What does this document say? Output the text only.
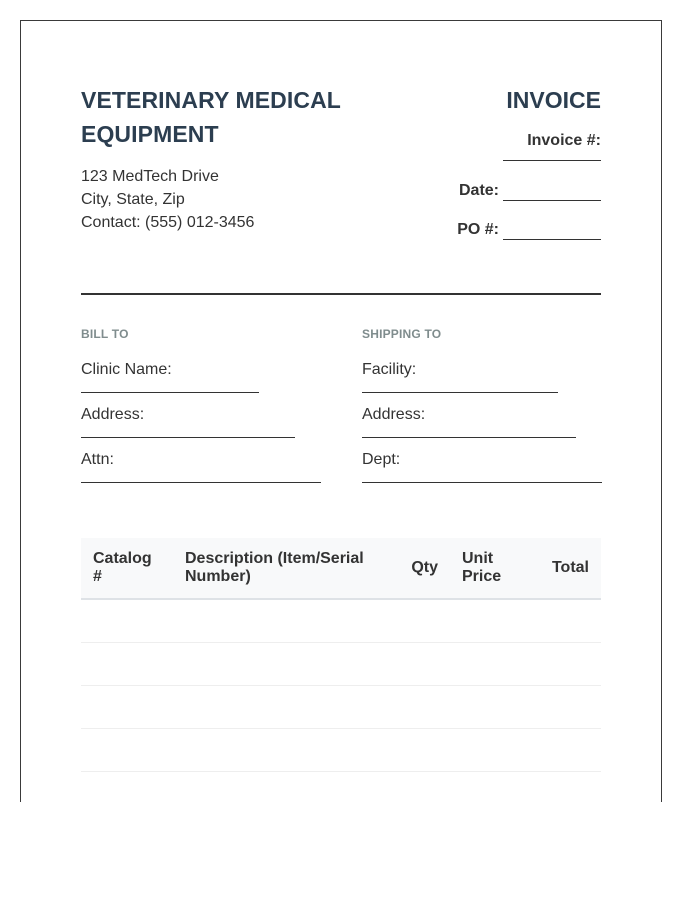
VETERINARY MEDICAL
EQUIPMENT
123 MedTech Drive
City, State, Zip
Contact: (555) 012-3456
INVOICE
Invoice #:
Date:
PO #:
BILL TO
Clinic Name:
Address:
Attn:
SHIPPING TO
Facility:
Address:
Dept:
Catalog #	Description (Item/Serial Number)	Qty	Unit Price	Total
